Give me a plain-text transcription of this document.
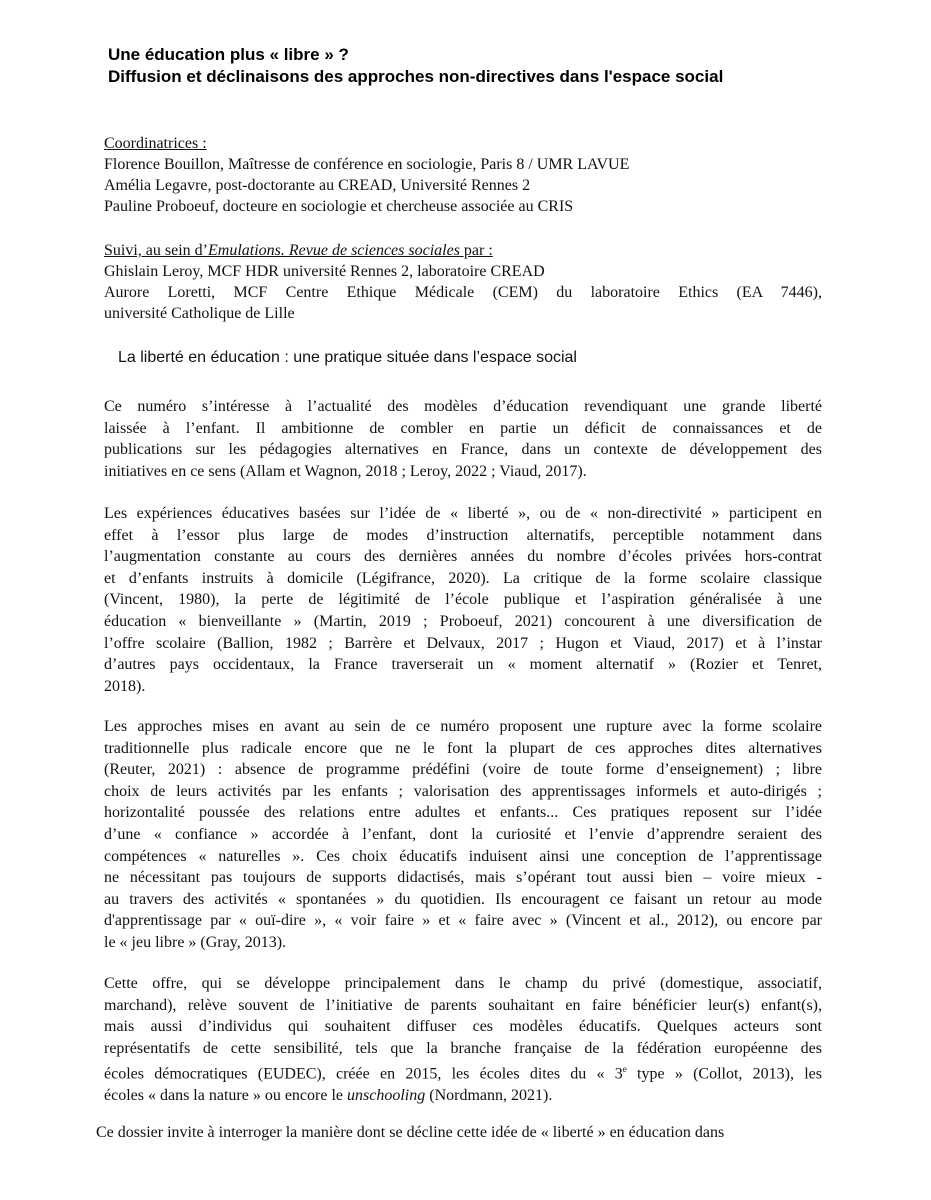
Une éducation plus « libre » ?
Diffusion et déclinaisons des approches non-directives dans l'espace social
Coordinatrices :
Florence Bouillon, Maîtresse de conférence en sociologie, Paris 8 / UMR LAVUE
Amélia Legavre, post-doctorante au CREAD, Université Rennes 2
Pauline Proboeuf, docteure en sociologie et chercheuse associée au CRIS
Suivi, au sein d’Emulations. Revue de sciences sociales par :
Ghislain Leroy, MCF HDR université Rennes 2, laboratoire CREAD
Aurore Loretti, MCF Centre Ethique Médicale (CEM) du laboratoire Ethics (EA 7446),
université Catholique de Lille
La liberté en éducation : une pratique située dans l’espace social
Ce numéro s’intéresse à l’actualité des modèles d’éducation revendiquant une grande liberté
laissée à l’enfant. Il ambitionne de combler en partie un déficit de connaissances et de
publications sur les pédagogies alternatives en France, dans un contexte de développement des
initiatives en ce sens (Allam et Wagnon, 2018 ; Leroy, 2022 ; Viaud, 2017).
Les expériences éducatives basées sur l’idée de « liberté », ou de « non-directivité » participent en
effet à l’essor plus large de modes d’instruction alternatifs, perceptible notamment dans
l’augmentation constante au cours des dernières années du nombre d’écoles privées hors-contrat
et d’enfants instruits à domicile (Légifrance, 2020). La critique de la forme scolaire classique
(Vincent, 1980), la perte de légitimité de l’école publique et l’aspiration généralisée à une
éducation « bienveillante » (Martin, 2019 ; Proboeuf, 2021) concourent à une diversification de
l’offre scolaire (Ballion, 1982 ; Barrère et Delvaux, 2017 ; Hugon et Viaud, 2017) et à l’instar
d’autres pays occidentaux, la France traverserait un « moment alternatif » (Rozier et Tenret,
2018).
Les approches mises en avant au sein de ce numéro proposent une rupture avec la forme scolaire
traditionnelle plus radicale encore que ne le font la plupart de ces approches dites alternatives
(Reuter, 2021) : absence de programme prédéfini (voire de toute forme d’enseignement) ; libre
choix de leurs activités par les enfants ; valorisation des apprentissages informels et auto-dirigés ;
horizontalité poussée des relations entre adultes et enfants... Ces pratiques reposent sur l’idée
d’une « confiance » accordée à l’enfant, dont la curiosité et l’envie d’apprendre seraient des
compétences « naturelles ». Ces choix éducatifs induisent ainsi une conception de l’apprentissage
ne nécessitant pas toujours de supports didactisés, mais s’opérant tout aussi bien – voire mieux -
au travers des activités « spontanées » du quotidien. Ils encouragent ce faisant un retour au mode
d'apprentissage par « ouï-dire », « voir faire » et « faire avec » (Vincent et al., 2012), ou encore par
le « jeu libre » (Gray, 2013).
Cette offre, qui se développe principalement dans le champ du privé (domestique, associatif,
marchand), relève souvent de l’initiative de parents souhaitant en faire bénéficier leur(s) enfant(s),
mais aussi d’individus qui souhaitent diffuser ces modèles éducatifs. Quelques acteurs sont
représentatifs de cette sensibilité, tels que la branche française de la fédération européenne des
écoles démocratiques (EUDEC), créée en 2015, les écoles dites du « 3e type » (Collot, 2013), les
écoles « dans la nature » ou encore le unschooling (Nordmann, 2021).
Ce dossier invite à interroger la manière dont se décline cette idée de « liberté » en éducation dans
